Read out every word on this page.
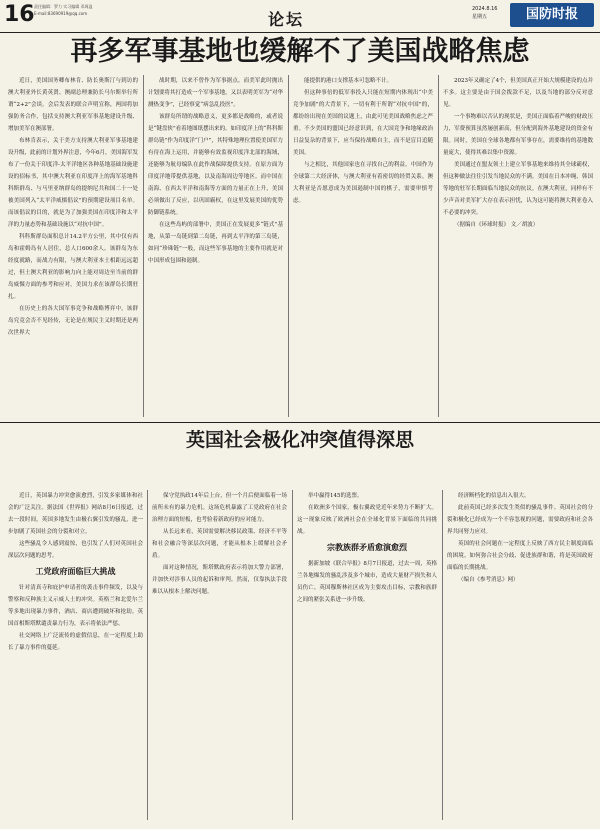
16 责任编辑：罗力 实习编辑 邓周温
E-mail:83690919@qq.com	论坛
2024.8.16
星期五	国防时报
再多军事基地也缓解不了美国战略焦虑

近日，美国国务卿布林肯、防长奥斯汀与到访的澳大利亚外长黄英贤、澳副总理兼防长马尔斯举行所谓“2+2”会谈。会后发表的联合声明宣称，两国将加强防务合作，包括支持澳大利亚军事基地建设升级、增加美军在澳部署。

布林肯表示，关于美方支持澳大利亚军事基地建设升级，此前的计划外界注意，今年6月，美国海军发布了一份关于印度洋-太平洋地区各种基地基础设施建设的招标书，其中澳大利亚在印度洋上的海军基地科科斯群岛、与马里亚纳群岛的提纳尼共和国二十一处被美国列入“太平洋威慑倡议”的预期建设项目名单。而该倡议的目的，就是为了加强美国在印度洋和太平洋的力量态势和基础设施以“对抗中国”。

科科斯群岛面积总计14.2平方公里，其中仅有西岛和霍姆岛有人居住，总人口600余人。该群岛为东经度就路，而战力有限，与澳大利亚本土相距远远超过，但土澳大利亚的影响力向上能对周边至当前的群岛威慑方面的参考和应对。美国力求在该群岛长期驻扎。

在历史上的各大国军事竞争和战略博弈中，该群岛究竟会否不见经传，无论是在规民主义时期还是两次世界大

战时期，以来不曾作为军事据点。而美军此时抛出计划要将其打造成一个军事基地，又以表明美军为“对华测热变争”，已经察觉“病急乱投医”。

该群岛所谓的战略意义，更多都是战略的，或者说是“键盘侠”看着地图纸摆出来的。如印度洋上的“科科斯群岛链”作为印度洋“门户”，其特殊地理位置使美国军力有待在海上运用，并能够有效监视印度洋北部的海域，还能够为航母编队在此作战保障提供支持。在原方面为印度洋地带提供基地，以及南海周边等地区。而中国在南海、在西太平洋和南海等方面的力量正在上升，美国必须做出了反应，以巩固霸权，在这里发展美国的优势防御链系统。

在这些岛屿的部署中，美国正在发展更多“链式”基地，从第一岛链到第二岛链，再到太平洋的第三岛链，如同“珍珠链”一般，而这些军事基地的主要作用就是对中国形成包围和遏制。

能提供的港口支撑基本可忽略不计。

但这种事倍的低军事投入只能在短期内体现出“中美竞争加剧”的大背景下，一切有利于所谓“对抗中国”的，都纷纷出现在美国的议题上，由此可见美国战略焦虑之严重。不少美国的盟国已经意识到，在大国竞争和地缘政治日益复杂的背景下，应当保持战略自主，而不是盲目追随美国。

与之相比，其他国家也在寻找自己的利益。中国作为全球第二大经济体，与澳大利亚有着密切的经贸关系。澳大利亚是否愿意成为美国遏制中国的棋子，需要审慎考虑。

2023年又确定了4个，但美国真正开始大规模建设的点并不多。这主要是由于国会拨款不足，以及当地的部分反对意见。

一个事物难以否认的现状是，美国正面临着严峻的财政压力，军费预算虽然屡创新高，但分配到海外基地建设的资金有限。同时，美国在全球各地都有军事存在，需要维持的基地数量庞大，使得其难以集中资源。

美国通过在盟友领土上建立军事基地来维持其全球霸权，但这种做法往往引发当地民众的不满。美国在日本冲绳、韩国等地的驻军长期面临当地民众的抗议。在澳大利亚，同样有不少声音对美军扩大存在表示担忧，认为这可能将澳大利亚卷入不必要的冲突。

（据编自《环球时报》 文／胡波）

英国社会极化冲突值得深思

近日，英国暴力冲突愈演愈烈，引发多家媒体和社会的广泛关注。据法国《世界报》网站8月6日报道，过去一段时间，英国多地发生由极右翼引发的骚乱，进一步加剧了英国社会的分裂和对立。

这些骚乱令人感到震惊，也引发了人们对英国社会深层次问题的思考。

工党政府面临巨大挑战

针对清真寺和庇护申请者的袭击事件频发，以及与警察和反种族主义示威人士的冲突。英格兰和北爱尔兰等多地出现暴力事件，酒店、商店遭到破坏和抢劫。英国首相斯塔默谴责暴力行为，表示将依法严惩。

社交网络上广泛流传的虚假信息，在一定程度上助长了暴力事件的蔓延。

保守党执政14年后上台，但一个月后便面临着一场前所未有的暴力危机。这场危机暴露了工党政府在社会治理方面的短板，也考验着新政府的应对能力。

从长远来看，英国需要解决移民政策、经济不平等和社会融合等深层次问题，才能从根本上缓解社会矛盾。

面对这种情况，斯塔默政府表示将加大警力部署，并加快对涉事人员的起诉和审判。然而，仅靠执法手段难以从根本上解决问题。

举中赢得145的选票。

在欧洲多个国家，极右翼政党近年来势力不断扩大。这一现象反映了欧洲社会在全球化背景下面临的共同挑战。

宗教族群矛盾愈演愈烈

据新加坡《联合早报》8月7日报道，过去一周，英格兰各地爆发的骚乱涉及多个城市，造成大量财产损失和人员伤亡。英国穆斯林社区成为主要攻击目标，宗教和族群之间的紧张关系进一步升级。

经济断档化的信息出入很大。

此前英国已经多次发生类似的骚乱事件。英国社会的分裂和极化已经成为一个不容忽视的问题，需要政府和社会各界共同努力应对。

英国的社会问题在一定程度上反映了西方民主制度面临的困境。如何弥合社会分歧、促进族群和谐，将是英国政府面临的长期挑战。

（编自《参考消息》网）
